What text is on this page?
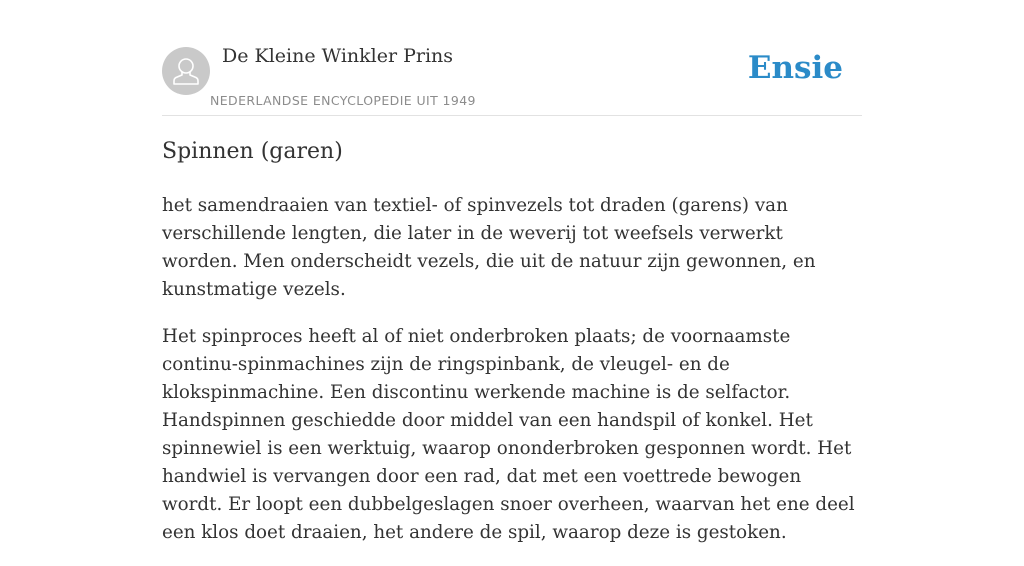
De Kleine Winkler Prins
NEDERLANDSE ENCYCLOPEDIE UIT 1949
Ensie
Spinnen (garen)

het samendraaien van textiel- of spinvezels tot draden (garens) van verschillende lengten, die later in de weverij tot weefsels verwerkt worden. Men onderscheidt vezels, die uit de natuur zijn gewonnen, en kunstmatige vezels.

Het spinproces heeft al of niet onderbroken plaats; de voornaamste continu-spinmachines zijn de ringspinbank, de vleugel- en de klokspinmachine. Een discontinu werkende machine is de selfactor. Handspinnen geschiedde door middel van een handspil of konkel. Het spinnewiel is een werktuig, waarop ononderbroken gesponnen wordt. Het handwiel is vervangen door een rad, dat met een voettrede bewogen wordt. Er loopt een dubbelgeslagen snoer overheen, waarvan het ene deel een klos doet draaien, het andere de spil, waarop deze is gestoken.
